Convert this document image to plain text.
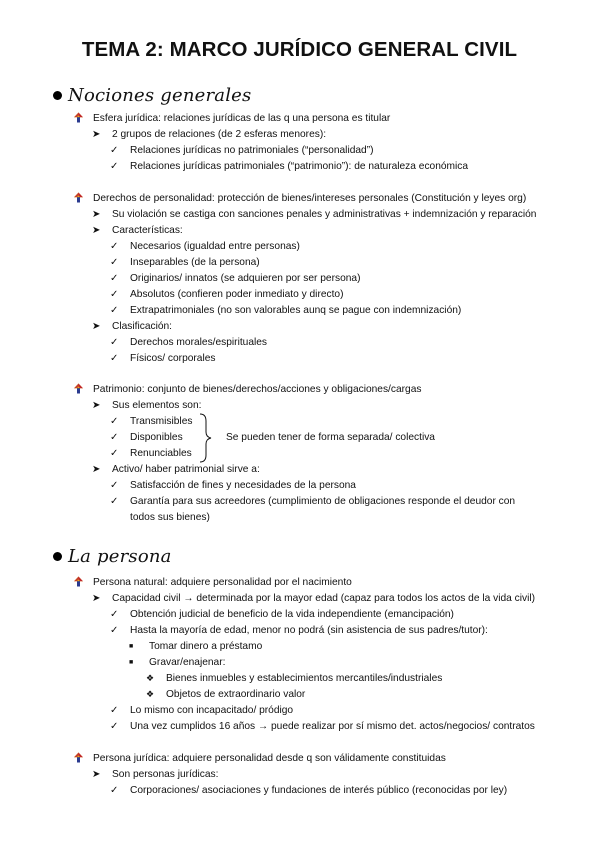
TEMA 2: MARCO JURÍDICO GENERAL CIVIL
Nociones generales
Esfera jurídica: relaciones jurídicas de las q una persona es titular
➤	2 grupos de relaciones (de 2 esferas menores):
✓	Relaciones jurídicas no patrimoniales (“personalidad”)
✓	Relaciones jurídicas patrimoniales (“patrimonio”): de naturaleza económica
Derechos de personalidad: protección de bienes/intereses personales (Constitución y leyes org)
➤	Su violación se castiga con sanciones penales y administrativas + indemnización y reparación
➤	Características:
✓	Necesarios (igualdad entre personas)
✓	Inseparables (de la persona)
✓	Originarios/ innatos (se adquieren por ser persona)
✓	Absolutos (confieren poder inmediato y directo)
✓	Extrapatrimoniales (no son valorables aunq se pague con indemnización)
➤	Clasificación:
✓	Derechos morales/espirituales
✓	Físicos/ corporales
Patrimonio: conjunto de bienes/derechos/acciones y obligaciones/cargas
➤	Sus elementos son:
✓	Transmisibles
✓	Disponibles
✓	Renunciables
Se pueden tener de forma separada/ colectiva
➤	Activo/ haber patrimonial sirve a:
✓	Satisfacción de fines y necesidades de la persona
✓	Garantía para sus acreedores (cumplimiento de obligaciones responde el deudor con
todos sus bienes)
La persona
Persona natural: adquiere personalidad por el nacimiento
➤	Capacidad civil → determinada por la mayor edad (capaz para todos los actos de la vida civil)
✓	Obtención judicial de beneficio de la vida independiente (emancipación)
✓	Hasta la mayoría de edad, menor no podrá (sin asistencia de sus padres/tutor):
■	Tomar dinero a préstamo
■	Gravar/enajenar:
❖	Bienes inmuebles y establecimientos mercantiles/industriales
❖	Objetos de extraordinario valor
✓	Lo mismo con incapacitado/ pródigo
✓	Una vez cumplidos 16 años → puede realizar por sí mismo det. actos/negocios/ contratos
Persona jurídica: adquiere personalidad desde q son válidamente constituidas
➤	Son personas jurídicas:
✓	Corporaciones/ asociaciones y fundaciones de interés público (reconocidas por ley)
